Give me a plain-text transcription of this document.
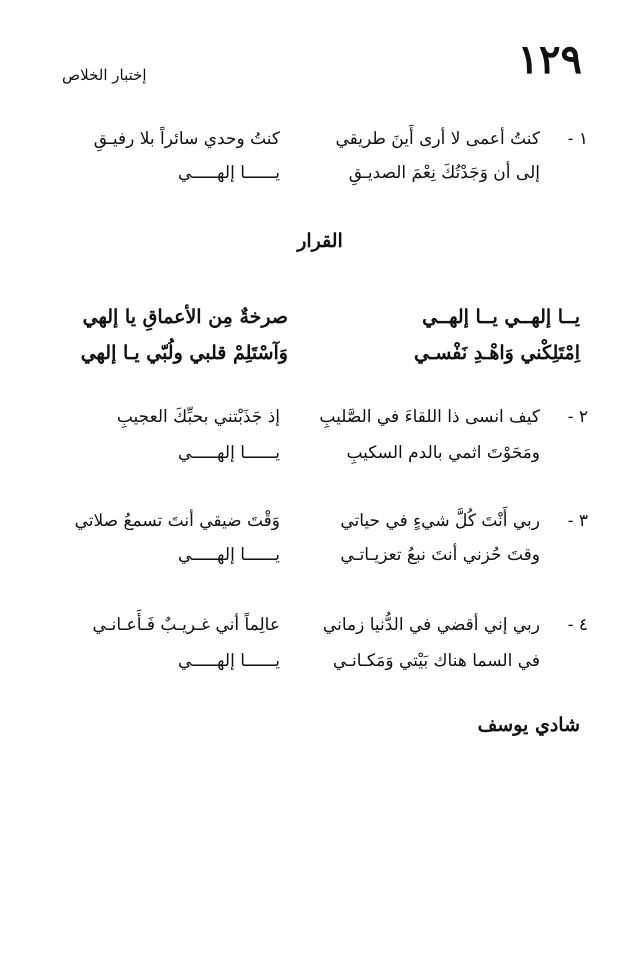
١٢٩
إختبار الخلاص
١ -
كنتُ أعمى لا أرى أَينَ طريقي
كنتُ وحدي سائراً بلا رفيـقِ
إلى أن وَجَدْتُكَ نِعْمَ الصديـقِ
يــــــا إلهـــــي
القرار
يــا إلهــي يــا إلهــي
صرخةٌ مِن الأعماقِ يا إلهي
اِمْتَلِكْني وَاهْـدِ نَفْسـي
وَآسْتَلِمْ قلبي ولُبّي يـا إلهي
٢ -
كيف انسى ذا اللقاءَ في الصَّليبِ
إذ جَذَبْتني بحبِّكَ العجيبِ
ومَحَوْتَ اثمي بالدم السكيبِ
يــــــا إلهـــــي
٣ -
ربي أَنْتَ كُلَّ شيءٍ في حياتي
وَقْتَ ضيقي أنتَ تسمعُ صلاتي
وقتَ حُزني أنتَ نبعُ تعزيـاتـي
يــــــا إلهـــــي
٤ -
ربي إني أقضي في الدُّنيا زماني
عالِماً أني غـريـبٌ فَـأَعـانـي
في السما هناك بَيْتي وَمَكـانـي
يــــــا إلهـــــي
شادي يوسف
